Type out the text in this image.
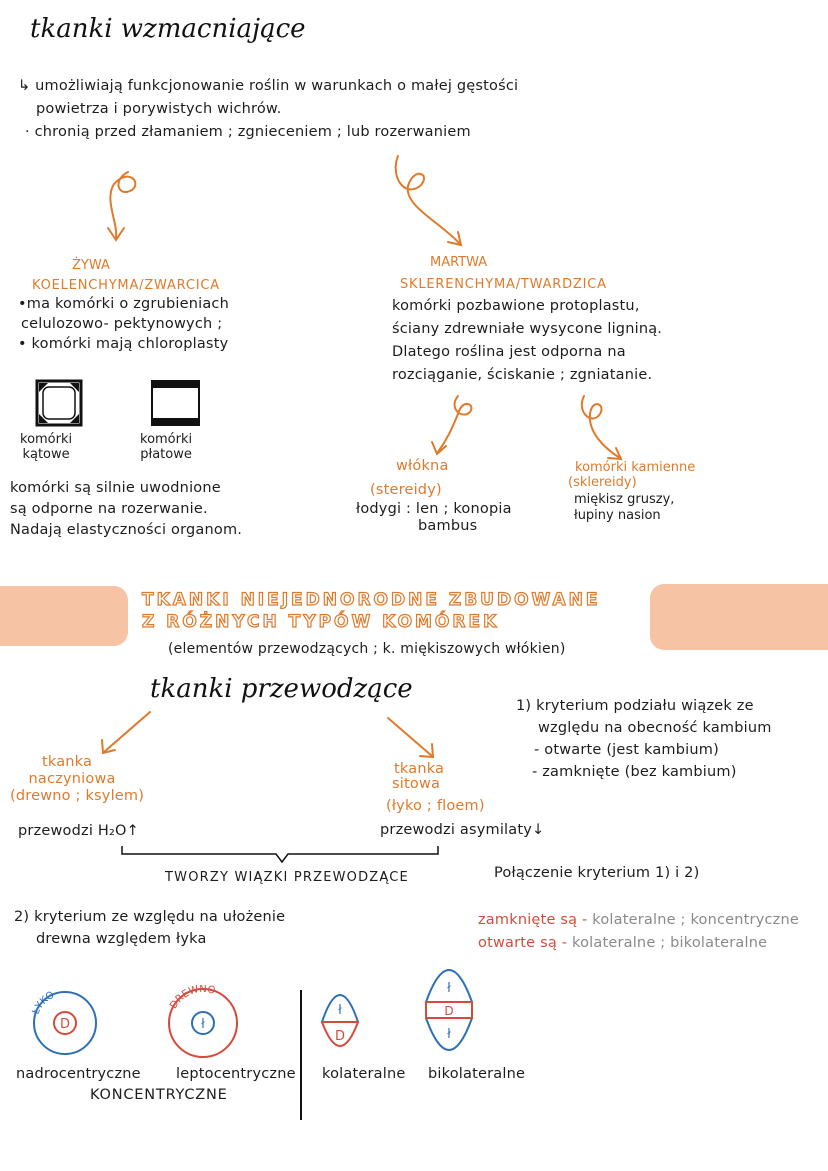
tkanki wzmacniające
↳ umożliwiają funkcjonowanie roślin w warunkach o małej gęstości
powietrza i porywistych wichrów.
· chronią przed złamaniem ; zgnieceniem ; lub rozerwaniem
ŻYWA
KOELENCHYMA/ZWARCICA
•ma komórki o zgrubieniach
celulozowo- pektynowych ;
• komórki mają chloroplasty
komórki
kątowe
komórki
płatowe
komórki są silnie uwodnione
są odporne na rozerwanie.
Nadają elastyczności organom.
MARTWA
SKLERENCHYMA/TWARDZICA
komórki pozbawione protoplastu,
ściany zdrewniałe wysycone ligniną.
Dlatego roślina jest odporna na
rozciąganie, ściskanie ; zgniatanie.
włókna
(stereidy)
łodygi : len ; konopia
bambus
komórki kamienne
(sklereidy)
miękisz gruszy,
łupiny nasion
TKANKI NIEJEDNORODNE ZBUDOWANE
Z RÓŻNYCH TYPÓW KOMÓREK
(elementów przewodzących ; k. miękiszowych włókien)
tkanki przewodzące
tkanka
naczyniowa
(drewno ; ksylem)
przewodzi H₂O↑
tkanka
sitowa
(łyko ; floem)
przewodzi asymilaty↓
TWORZY WIĄZKI PRZEWODZĄCE
1) kryterium podziału wiązek ze
względu na obecność kambium
- otwarte (jest kambium)
- zamknięte (bez kambium)
Połączenie kryterium 1) i 2)
zamknięte są - kolateralne ; koncentryczne
otwarte są - kolateralne ; bikolateralne
2) kryterium ze względu na ułożenie
drewna względem łyka
nadrocentryczne leptocentryczne
KONCENTRYCZNE
kolateralne bikolateralne
ŁYKO
D
DREWNO
ł
ł
D
ł
D
ł
